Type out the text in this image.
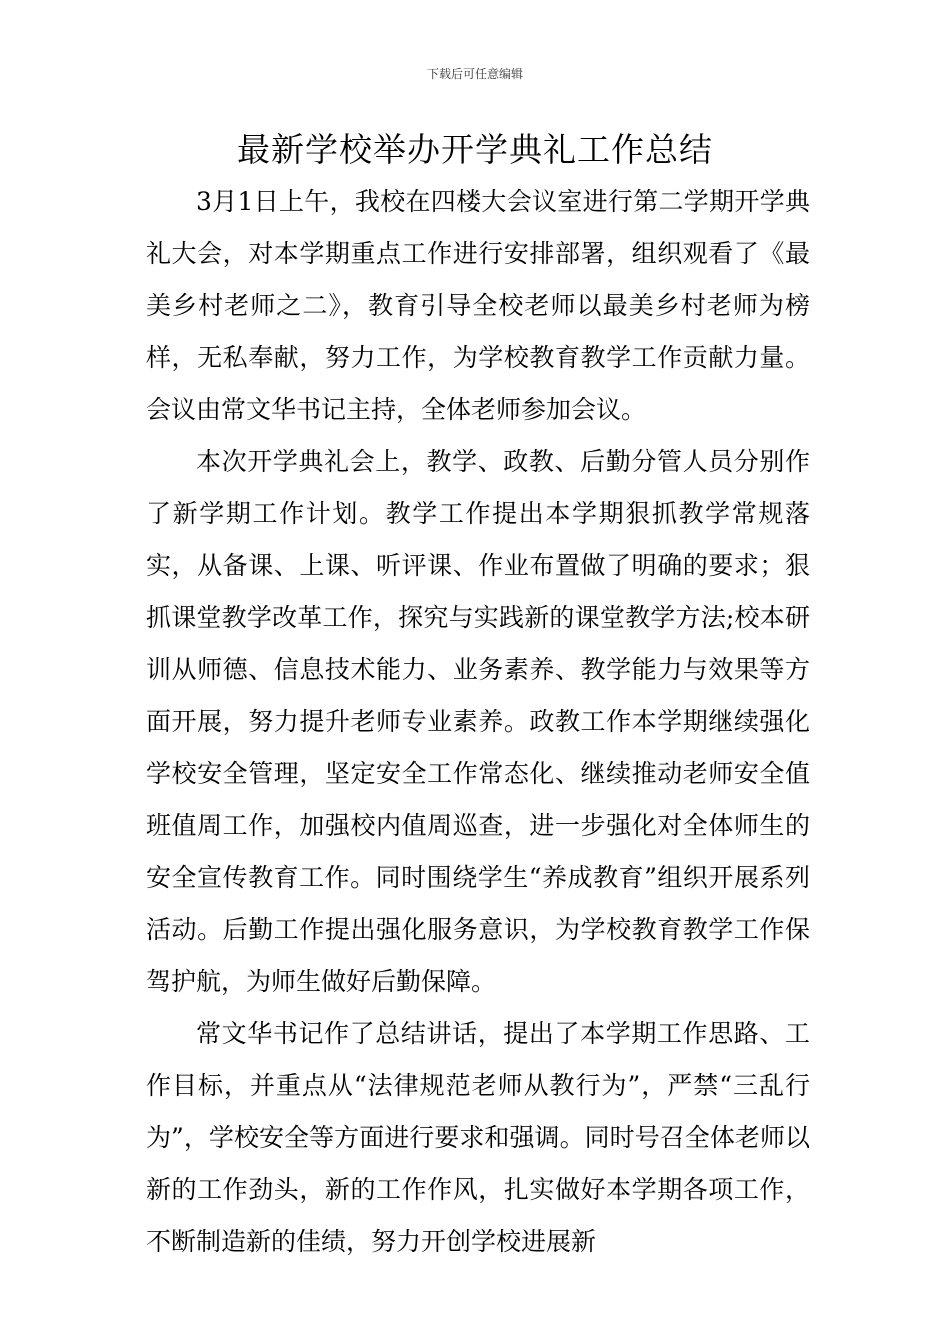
下载后可任意编辑
最新学校举办开学典礼工作总结

3月1日上午，我校在四楼大会议室进行第二学期开学典礼大会，对本学期重点工作进行安排部署，组织观看了《最美乡村老师之二》，教育引导全校老师以最美乡村老师为榜样，无私奉献，努力工作，为学校教育教学工作贡献力量。会议由常文华书记主持，全体老师参加会议。

本次开学典礼会上，教学、政教、后勤分管人员分别作了新学期工作计划。教学工作提出本学期狠抓教学常规落实，从备课、上课、听评课、作业布置做了明确的要求；狠抓课堂教学改革工作，探究与实践新的课堂教学方法;校本研训从师德、信息技术能力、业务素养、教学能力与效果等方面开展，努力提升老师专业素养。政教工作本学期继续强化学校安全管理，坚定安全工作常态化、继续推动老师安全值班值周工作，加强校内值周巡查，进一步强化对全体师生的安全宣传教育工作。同时围绕学生“养成教育”组织开展系列活动。后勤工作提出强化服务意识，为学校教育教学工作保驾护航，为师生做好后勤保障。

常文华书记作了总结讲话，提出了本学期工作思路、工作目标，并重点从“法律规范老师从教行为”，严禁“三乱行为”，学校安全等方面进行要求和强调。同时号召全体老师以新的工作劲头，新的工作作风，扎实做好本学期各项工作，不断制造新的佳绩，努力开创学校进展新
